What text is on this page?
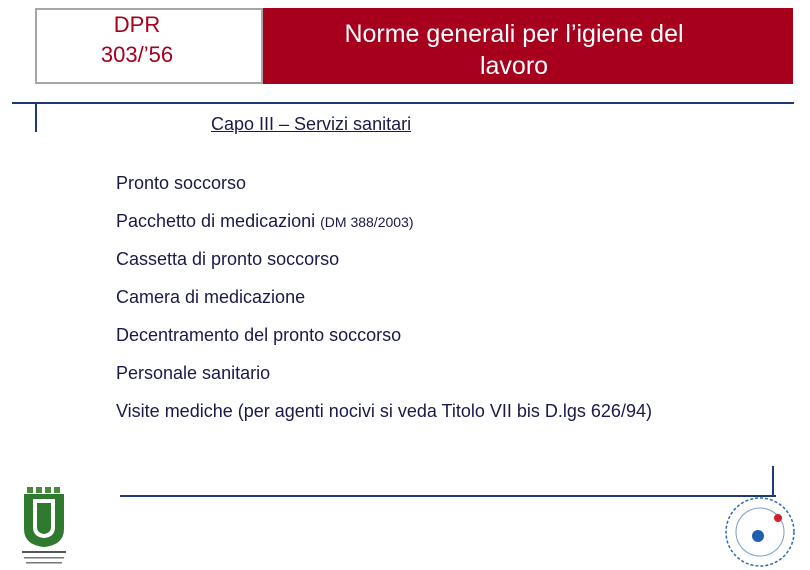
DPR
303/’56
Norme generali per l’igiene del
lavoro
Capo III – Servizi sanitari
Pronto soccorso
Pacchetto di medicazioni (DM 388/2003)
Cassetta di pronto soccorso
Camera di medicazione
Decentramento del pronto soccorso
Personale sanitario
Visite mediche (per agenti nocivi si veda Titolo VII bis D.lgs 626/94)
